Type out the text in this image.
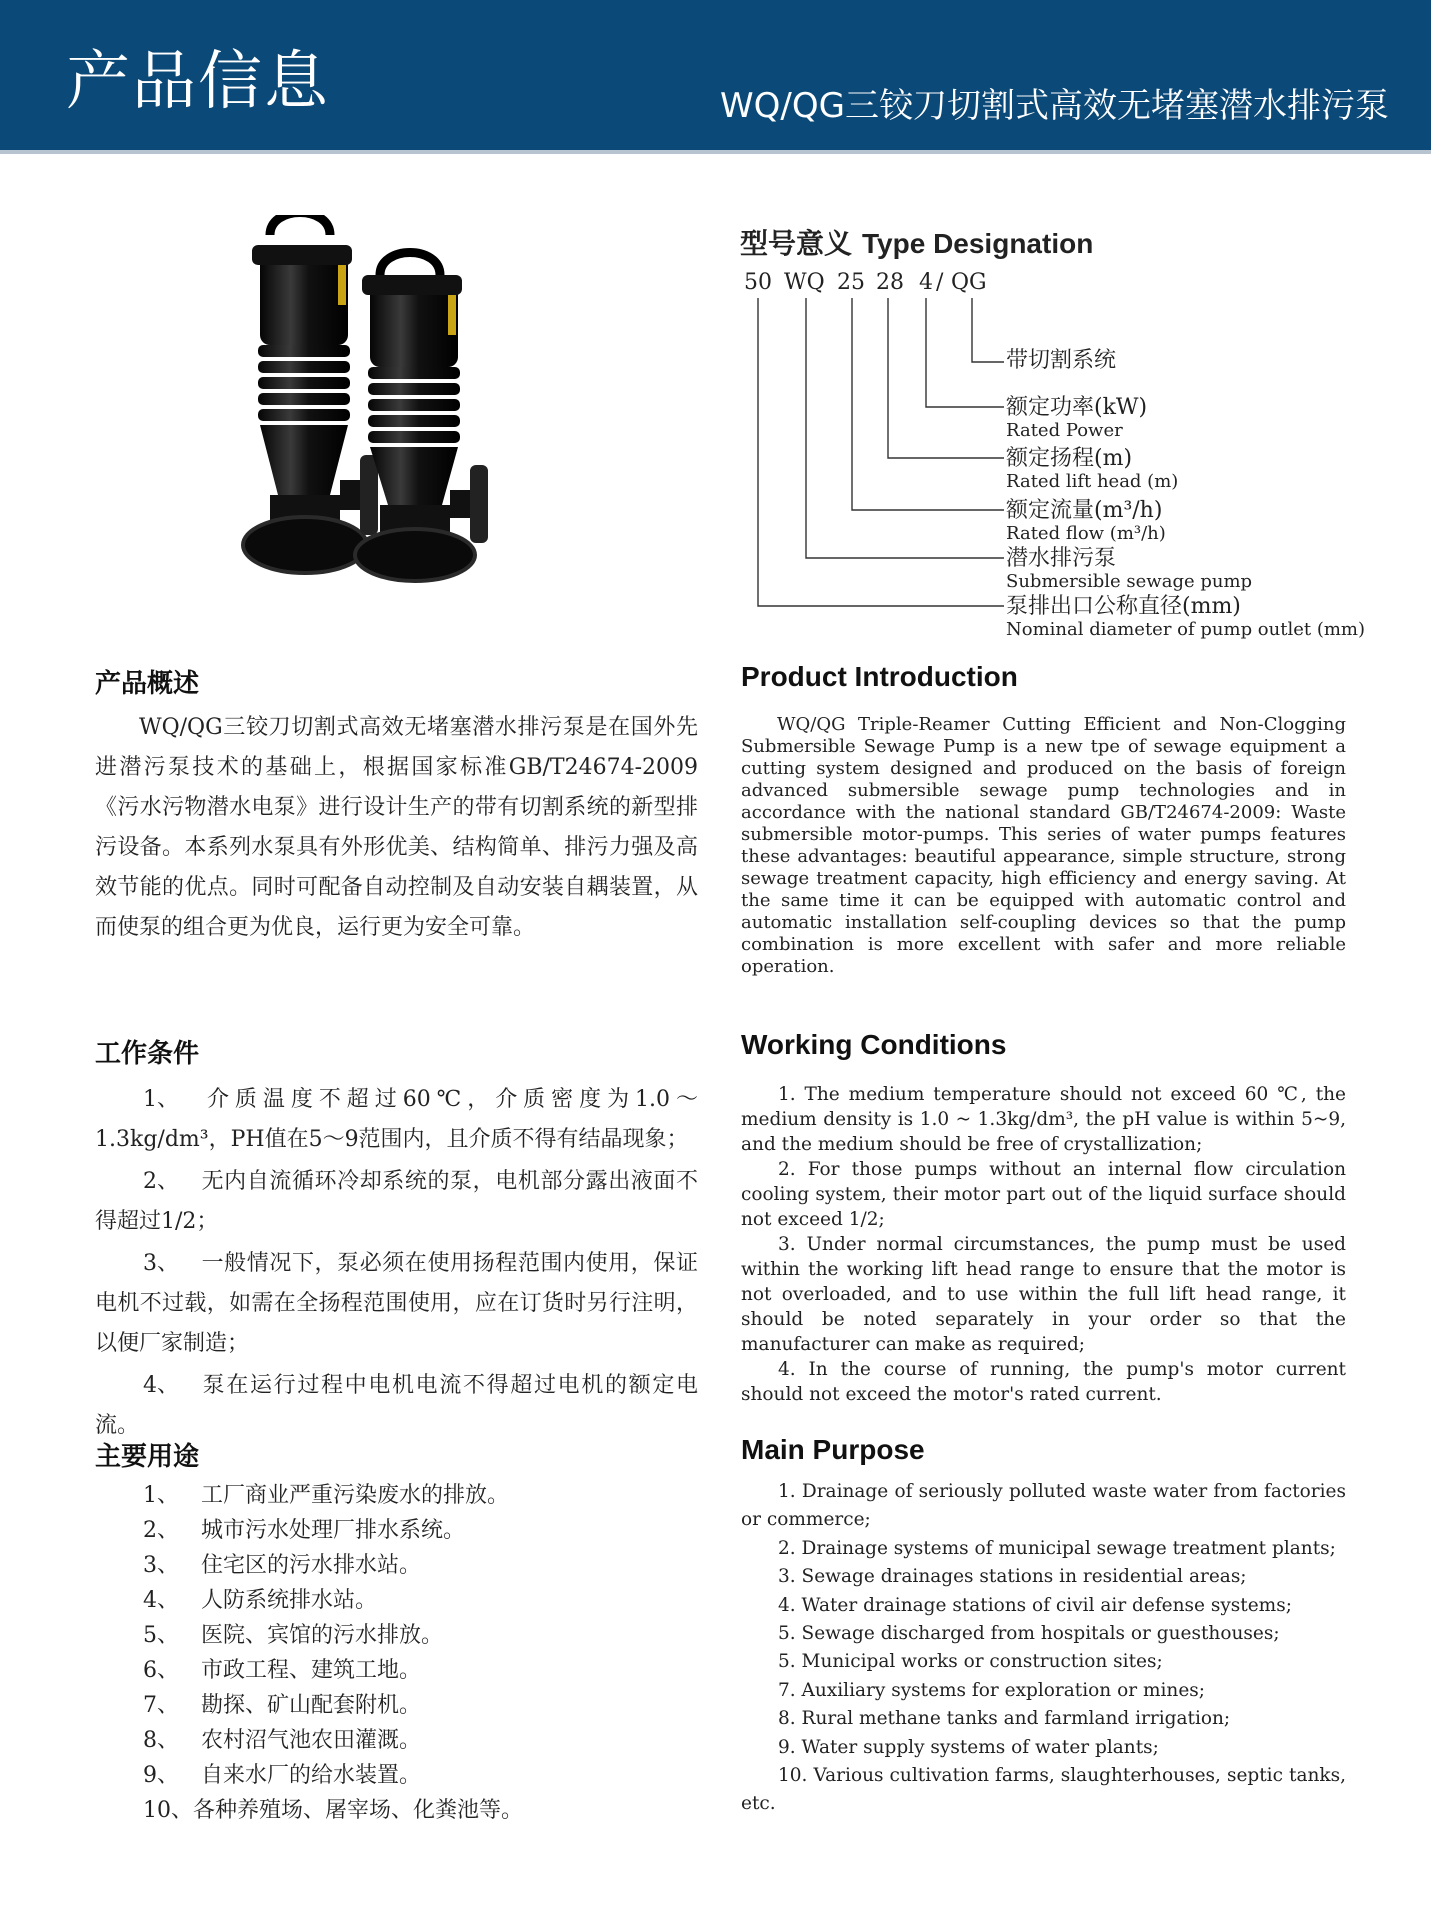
产品信息	WQ/QG三铰刀切割式高效无堵塞潜水排污泵
型号意义 Type Designation
50 WQ 25 28 4 / QG
带切割系统
额定功率(kW)
Rated Power
额定扬程(m)
Rated lift head (m)
额定流量(m³/h)
Rated flow (m³/h)
潜水排污泵
Submersible sewage pump
泵排出口公称直径(mm)
Nominal diameter of pump outlet (mm)
产品概述	Product Introduction

WQ/QG三铰刀切割式高效无堵塞潜水排污泵是在国外先进潜污泵技术的基础上，根据国家标准GB/T24674-2009《污水污物潜水电泵》进行设计生产的带有切割系统的新型排污设备。本系列水泵具有外形优美、结构简单、排污力强及高效节能的优点。同时可配备自动控制及自动安装自耦装置，从而使泵的组合更为优良，运行更为安全可靠。

WQ/QG Triple-Reamer Cutting Efficient and Non-Clogging Submersible Sewage Pump is a new tpe of sewage equipment a cutting system designed and produced on the basis of foreign advanced submersible sewage pump technologies and in accordance with the national standard GB/T24674-2009: Waste submersible motor-pumps. This series of water pumps features these advantages: beautiful appearance, simple structure, strong sewage treatment capacity, high efficiency and energy saving. At the same time it can be equipped with automatic control and automatic installation self-coupling devices so that the pump combination is more excellent with safer and more reliable operation.

工作条件	Working Conditions

1、 介质温度不超过60℃，介质密度为1.0～1.3kg/dm³，PH值在5～9范围内，且介质不得有结晶现象；

2、 无内自流循环冷却系统的泵，电机部分露出液面不得超过1/2；

3、 一般情况下，泵必须在使用扬程范围内使用，保证电机不过载，如需在全扬程范围使用，应在订货时另行注明，以便厂家制造；

4、 泵在运行过程中电机电流不得超过电机的额定电流。

1. The medium temperature should not exceed 60 ℃, the medium density is 1.0 ~ 1.3kg/dm³, the pH value is within 5~9, and the medium should be free of crystallization;

2. For those pumps without an internal flow circulation cooling system, their motor part out of the liquid surface should not exceed 1/2;

3. Under normal circumstances, the pump must be used within the working lift head range to ensure that the motor is not overloaded, and to use within the full lift head range, it should be noted separately in your order so that the manufacturer can make as required;

4. In the course of running, the pump's motor current should not exceed the motor's rated current.

主要用途	Main Purpose
1、 工厂商业严重污染废水的排放。
2、 城市污水处理厂排水系统。
3、 住宅区的污水排水站。
4、 人防系统排水站。
5、 医院、宾馆的污水排放。
6、 市政工程、建筑工地。
7、 勘探、矿山配套附机。
8、 农村沼气池农田灌溉。
9、 自来水厂的给水装置。
10、各种养殖场、屠宰场、化粪池等。
1. Drainage of seriously polluted waste water from factories or commerce;
2. Drainage systems of municipal sewage treatment plants;
3. Sewage drainages stations in residential areas;
4. Water drainage stations of civil air defense systems;
5. Sewage discharged from hospitals or guesthouses;
5. Municipal works or construction sites;
7. Auxiliary systems for exploration or mines;
8. Rural methane tanks and farmland irrigation;
9. Water supply systems of water plants;
10. Various cultivation farms, slaughterhouses, septic tanks, etc.
